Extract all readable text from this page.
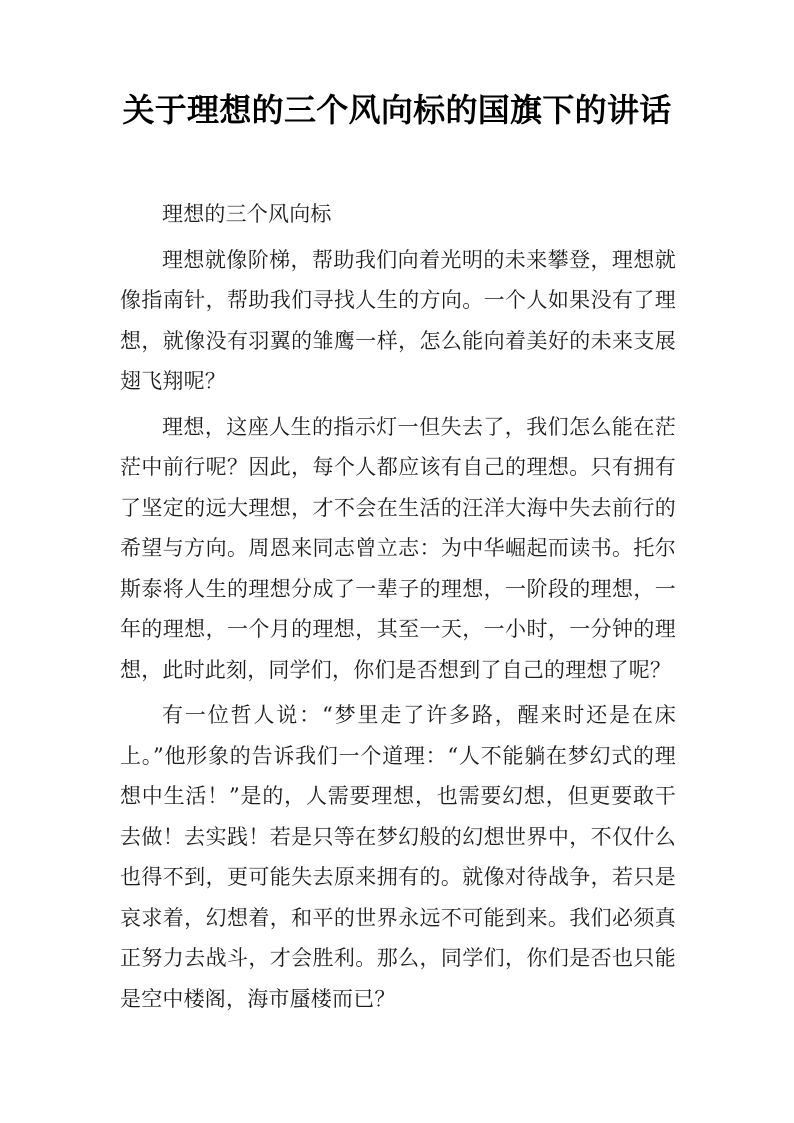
关于理想的三个风向标的国旗下的讲话

理想的三个风向标

理想就像阶梯，帮助我们向着光明的未来攀登，理想就像指南针，帮助我们寻找人生的方向。一个人如果没有了理想，就像没有羽翼的雏鹰一样，怎么能向着美好的未来支展翅飞翔呢？

理想，这座人生的指示灯一但失去了，我们怎么能在茫茫中前行呢？因此，每个人都应该有自己的理想。只有拥有了坚定的远大理想，才不会在生活的汪洋大海中失去前行的希望与方向。周恩来同志曾立志：为中华崛起而读书。托尔斯泰将人生的理想分成了一辈子的理想，一阶段的理想，一年的理想，一个月的理想，其至一天，一小时，一分钟的理想，此时此刻，同学们，你们是否想到了自己的理想了呢？

有一位哲人说：“梦里走了许多路，醒来时还是在床上。”他形象的告诉我们一个道理：“人不能躺在梦幻式的理想中生活！”是的，人需要理想，也需要幻想，但更要敢干去做！去实践！若是只等在梦幻般的幻想世界中，不仅什么也得不到，更可能失去原来拥有的。就像对待战争，若只是哀求着，幻想着，和平的世界永远不可能到来。我们必须真正努力去战斗，才会胜利。那么，同学们，你们是否也只能是空中楼阁，海市蜃楼而已？
